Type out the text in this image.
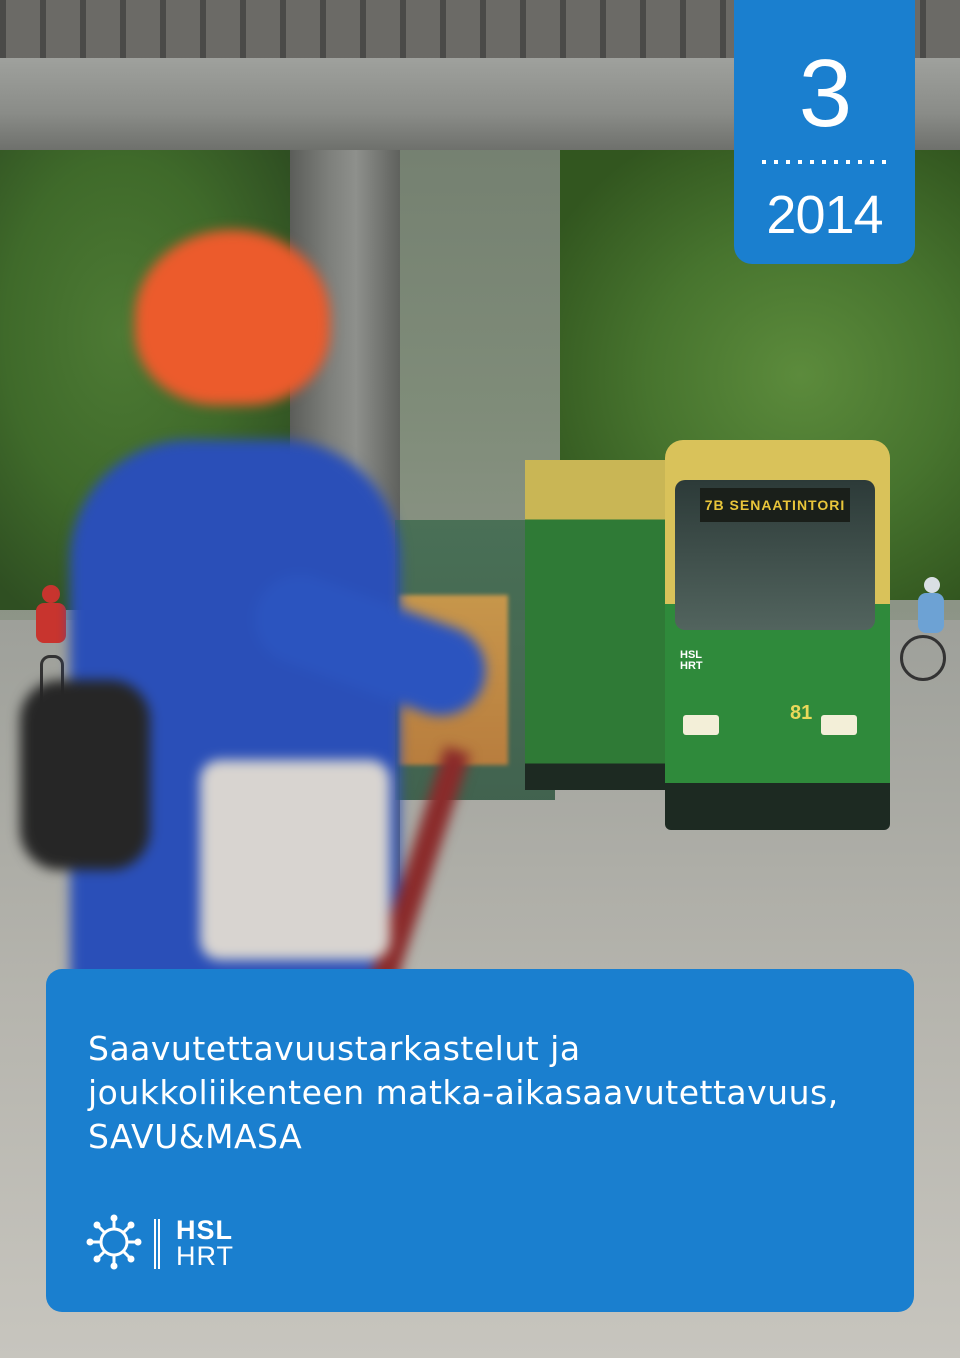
7B SENAATINTORI
HSL
HRT
81
3
2014
Saavutettavuustarkastelut ja
joukkoliikenteen matka-aikasaavutettavuus,
SAVU&MASA
HSL
HRT
